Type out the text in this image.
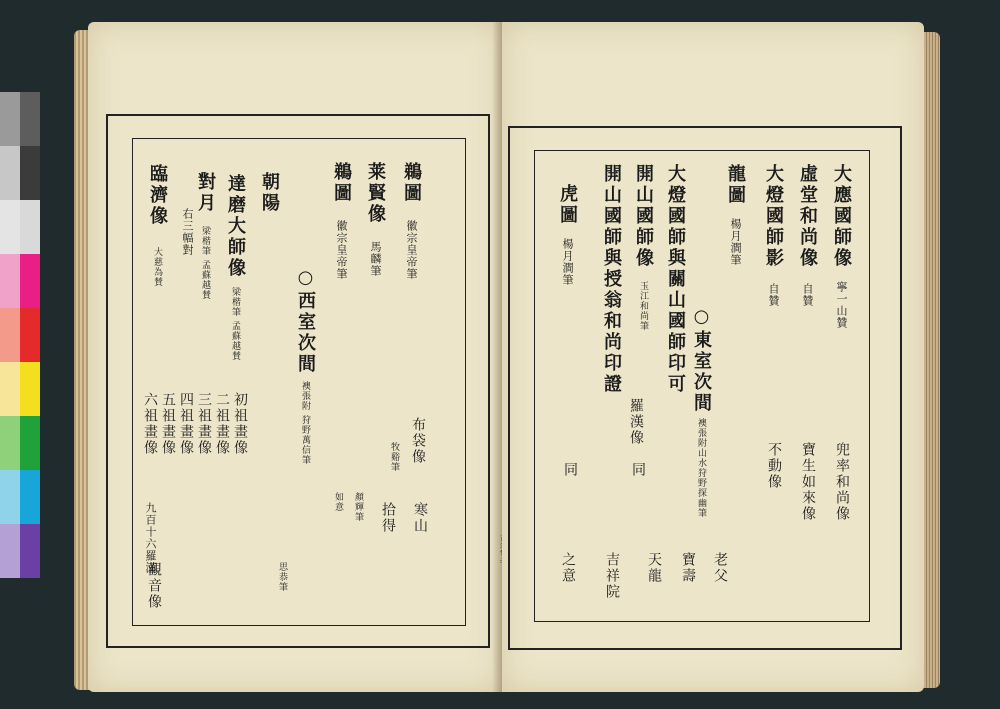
鵜圖徽宗皇帝筆
莱賢像馬麟筆
鵜圖徽宗皇帝筆
○西室次間襖張附 狩野萬信筆
朝陽
達磨大師像梁楷筆 孟蘇越賛
對月梁楷筆 孟蘇越賛
右三幅對
臨濟像大慈為賛
布袋像
牧谿筆
寒山
拾得
顏輝筆
如意
初祖畫像
二祖畫像
三祖畫像
四祖畫像
五祖畫像
六祖畫像
九百十六羅漢
觀音像	思恭筆
大應國師像寧一山贊
虛堂和尚像自贊
大燈國師影自贊
龍圖楊月澗筆
○東室次間襖張附山水狩野探幽筆
大燈國師與關山國師印可
開山國師像玉江和尚筆
開山國師與授翁和尚印證
虎圖楊月澗筆
兜率和尚像
同
羅漢像
同	寶生如來像
不動像
之意 吉祥院 天龍 寶壽 老父
